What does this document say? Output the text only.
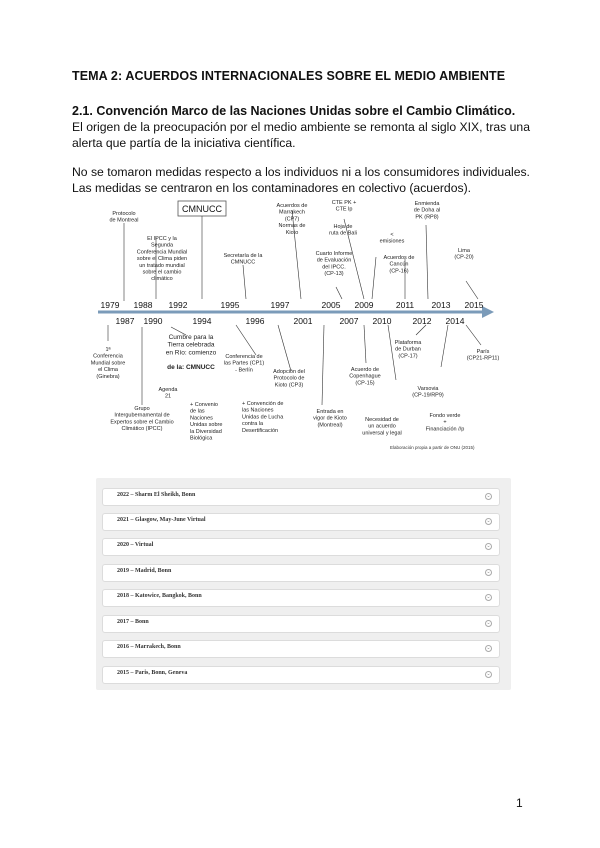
TEMA 2: ACUERDOS INTERNACIONALES SOBRE EL MEDIO AMBIENTE
2.1. Convención Marco de las Naciones Unidas sobre el Cambio Climático.
El origen de la preocupación por el medio ambiente se remonta al siglo XIX, tras una alerta que partía de la iniciativa científica.
No se tomaron medidas respecto a los individuos ni a los consumidores individuales. Las medidas se centraron en los contaminadores en colectivo (acuerdos).
CMNUCC
1979 1988 1992	1995	1997	2005 2009	2011 2013 2015
1987 1990	1994	1996	2001	2007 2010 2012 2014
Protocolo
de Montreal
El IPCC y la
Segunda
Conferencia Mundial
sobre el Clima piden
un tratado mundial
sobre el cambio
climático
Secretaría de la
CMNUCC
Acuerdos de
Marrakech
(CP7)
Normas de
Kioto
CTE PK +
CTE lp
Hoja de
ruta de Bali
Cuarto Informe
de Evaluación
del IPCC.
(CP-13)
<
emisiones
Acuerdos de
Cancún
(CP-16)
Enmienda
de Doha al
PK (RP8)
Lima
(CP-20)
1ª
Conferencia
Mundial sobre
el Clima
(Ginebra)
Grupo
Intergubernamental de
Expertos sobre el Cambio
Climático (IPCC)
Cumbre para la
Tierra celebrada
en Río: comienzo
de la: CMNUCC
Agenda
21
+ Convenio
de las
Naciones
Unidas sobre
la Diversidad
Biológica
+ Convención de
las Naciones
Unidas de Lucha
contra la
Desertificación
Conferencia de
las Partes (CP1)
- Berlín	Adopción del
Protocolo de
Kioto (CP3)
Entrada en
vigor de Kioto
(Montreal)
Acuerdo de
Copenhague
(CP-15)
Necesidad de
un acuerdo
universal y legal
Plataforma
de Durban
(CP-17)
Varsovia
(CP-19/RP9)
Fondo verde
+
Financiación //p
París
(CP21-RP11)
Elaboración propia a partir de ONU (2015)
2022 – Sharm El Sheikh, Bonn	⌄
2021 – Glasgow, May-June Virtual	⌄
2020 – Virtual	⌄
2019 – Madrid, Bonn	⌄
2018 – Katowice, Bangkok, Bonn	⌄
2017 – Bonn	⌄
2016 – Marrakech, Bonn	⌄
2015 – Paris, Bonn, Geneva	⌄
1
